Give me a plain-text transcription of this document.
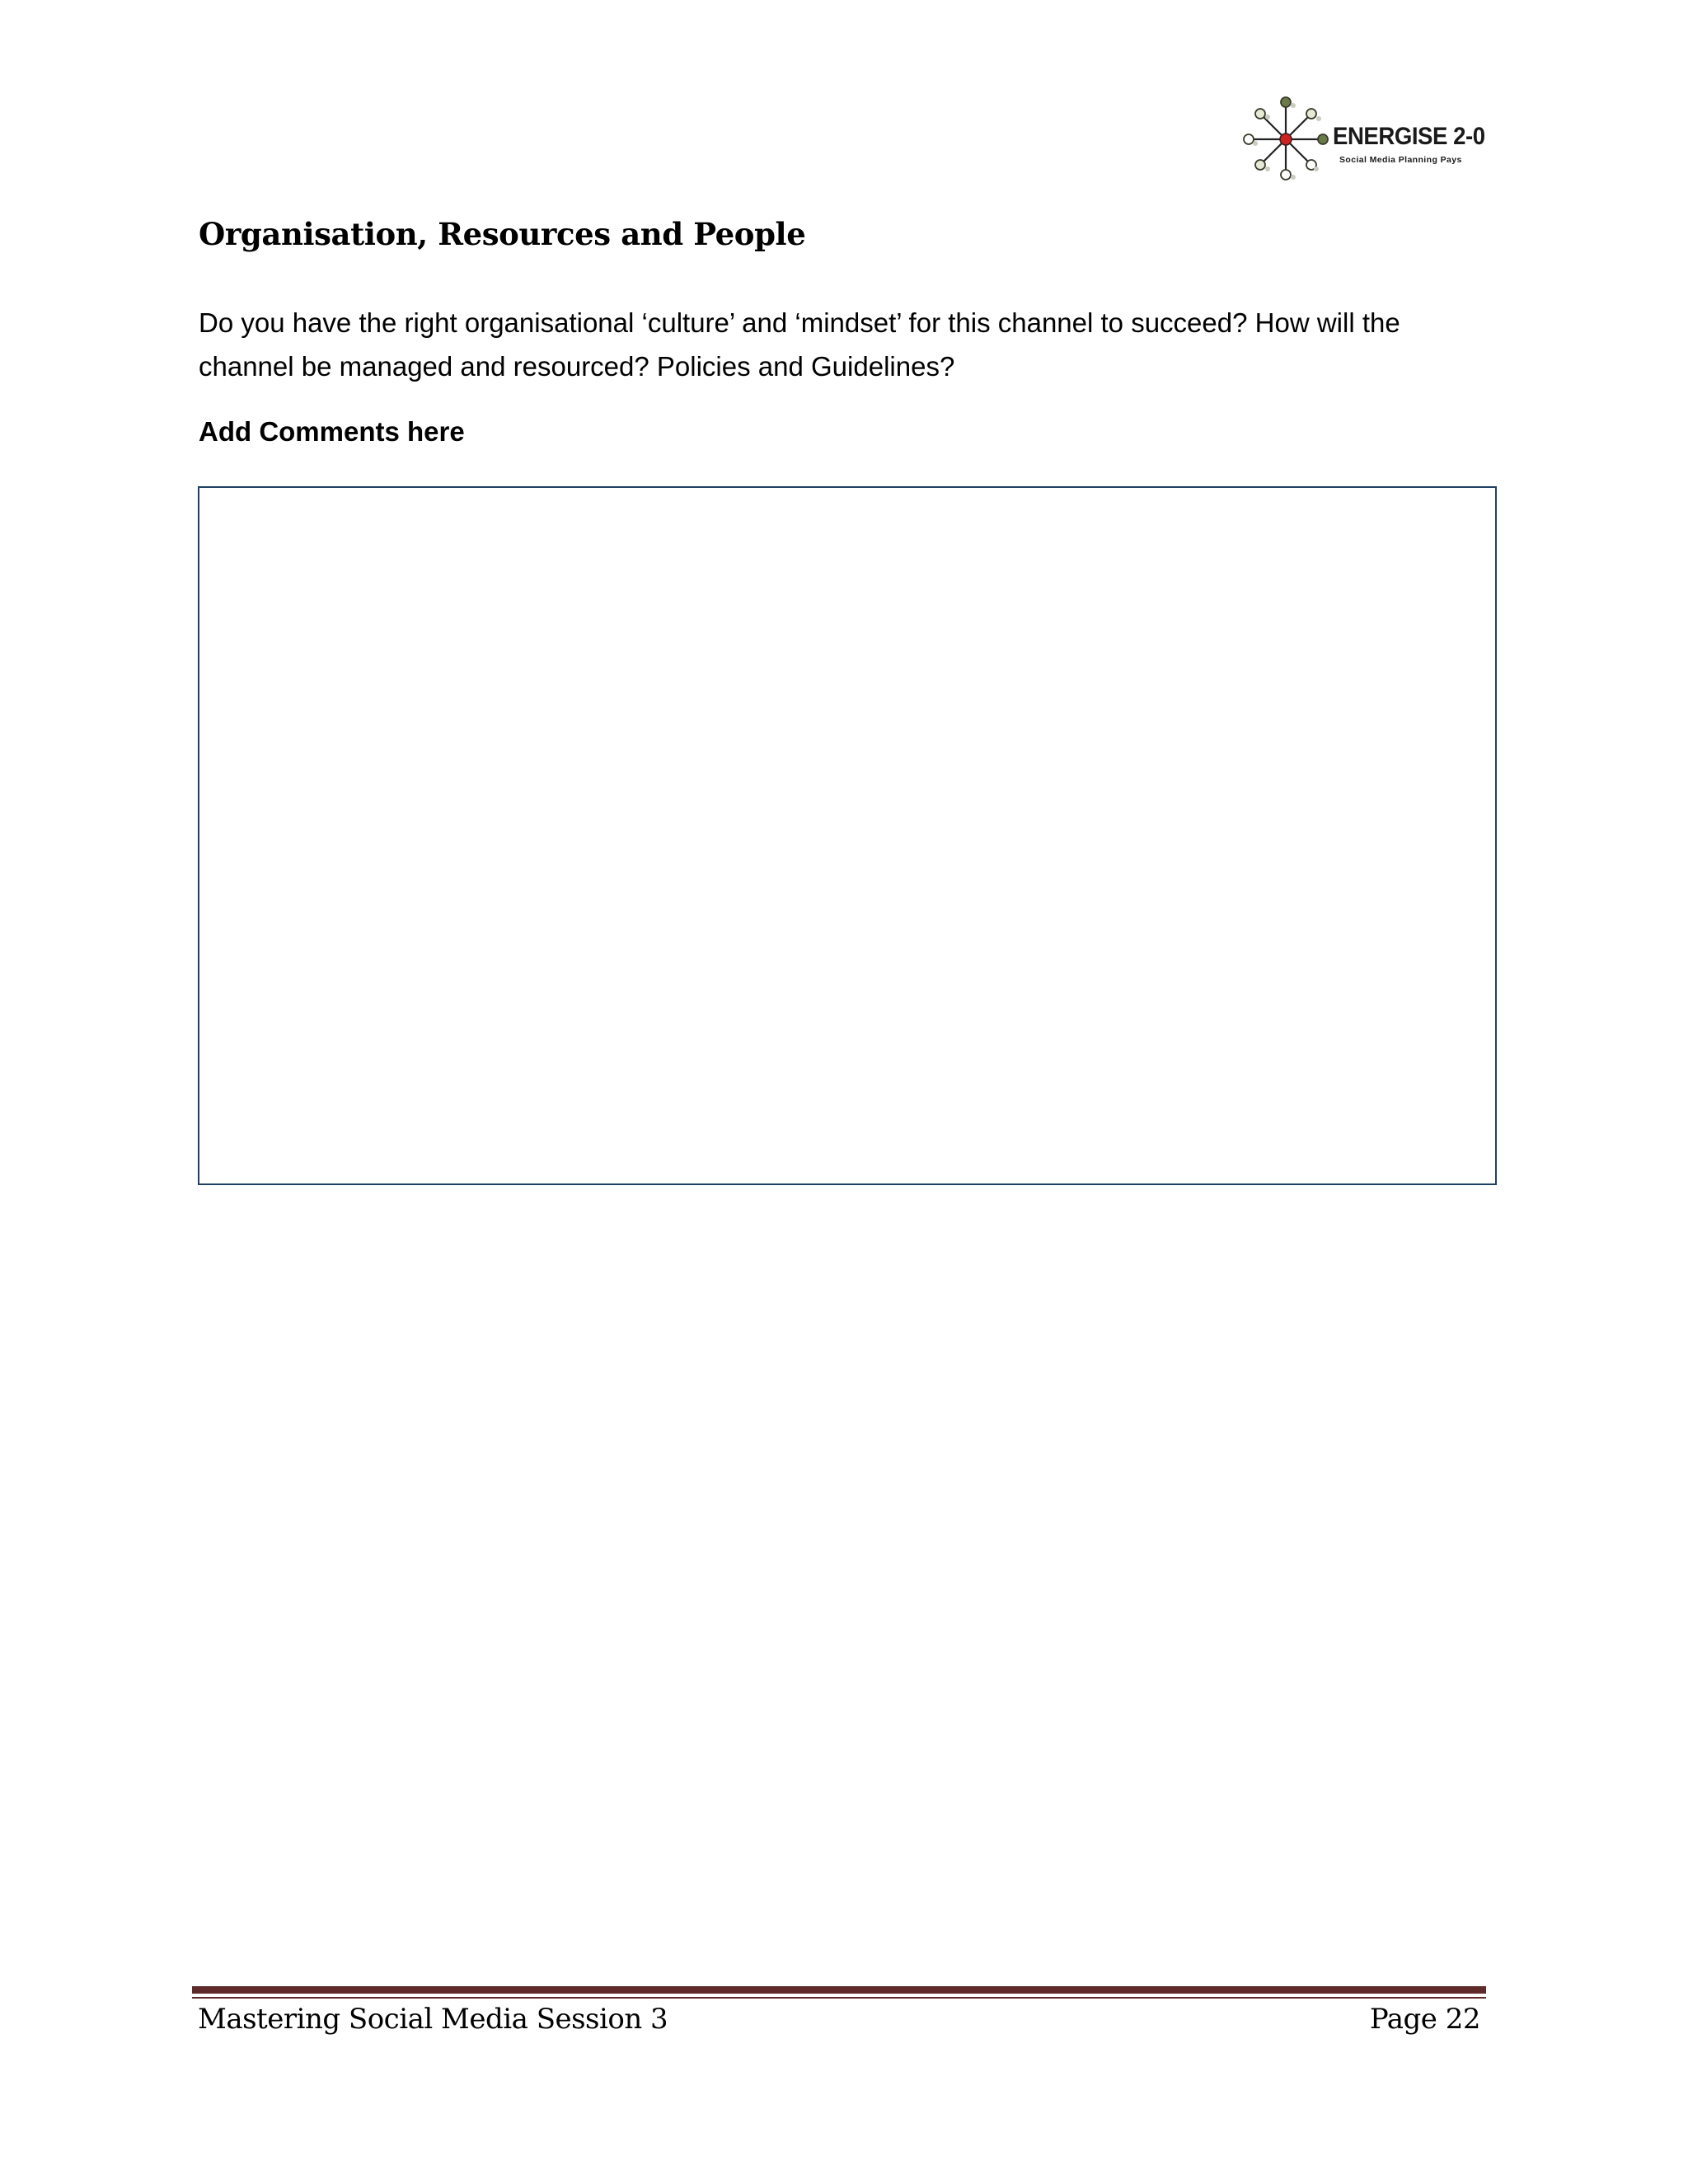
ENERGISE 2-0
Social Media Planning Pays
Organisation, Resources and People
Do you have the right organisational ‘culture’ and ‘mindset’ for this channel to succeed? How will the channel be managed and resourced? Policies and Guidelines?
Add Comments here
Mastering Social Media Session 3	Page 22
